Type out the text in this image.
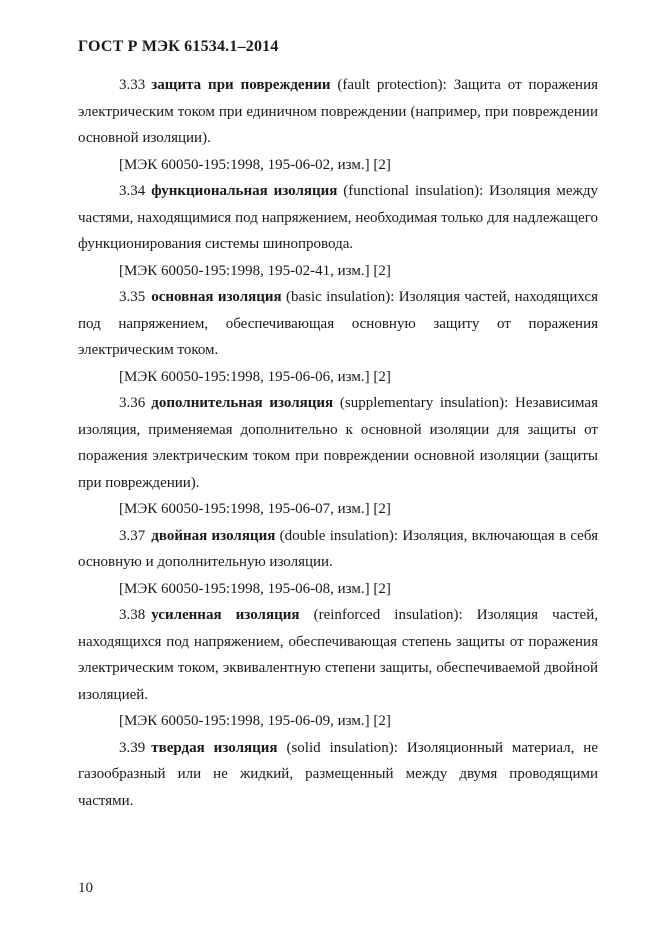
ГОСТ Р МЭК 61534.1–2014

3.33 защита при повреждении (fault protection): Защита от поражения электрическим током при единичном повреждении (например, при повреждении основной изоляции).

[МЭК 60050-195:1998, 195-06-02, изм.] [2]

3.34 функциональная изоляция (functional insulation): Изоляция между частями, находящимися под напряжением, необходимая только для надлежащего функционирования системы шинопровода.

[МЭК 60050-195:1998, 195-02-41, изм.] [2]

3.35 основная изоляция (basic insulation): Изоляция частей, находящихся под напряжением, обеспечивающая основную защиту от поражения электрическим током.

[МЭК 60050-195:1998, 195-06-06, изм.] [2]

3.36 дополнительная изоляция (supplementary insulation): Независимая изоляция, применяемая дополнительно к основной изоляции для защиты от поражения электрическим током при повреждении основной изоляции (защиты при повреждении).

[МЭК 60050-195:1998, 195-06-07, изм.] [2]

3.37 двойная изоляция (double insulation): Изоляция, включающая в себя основную и дополнительную изоляции.

[МЭК 60050-195:1998, 195-06-08, изм.] [2]

3.38 усиленная изоляция (reinforced insulation): Изоляция частей, находящихся под напряжением, обеспечивающая степень защиты от поражения электрическим током, эквивалентную степени защиты, обеспечиваемой двойной изоляцией.

[МЭК 60050-195:1998, 195-06-09, изм.] [2]

3.39 твердая изоляция (solid insulation): Изоляционный материал, не газообразный или не жидкий, размещенный между двумя проводящими частями.

10
